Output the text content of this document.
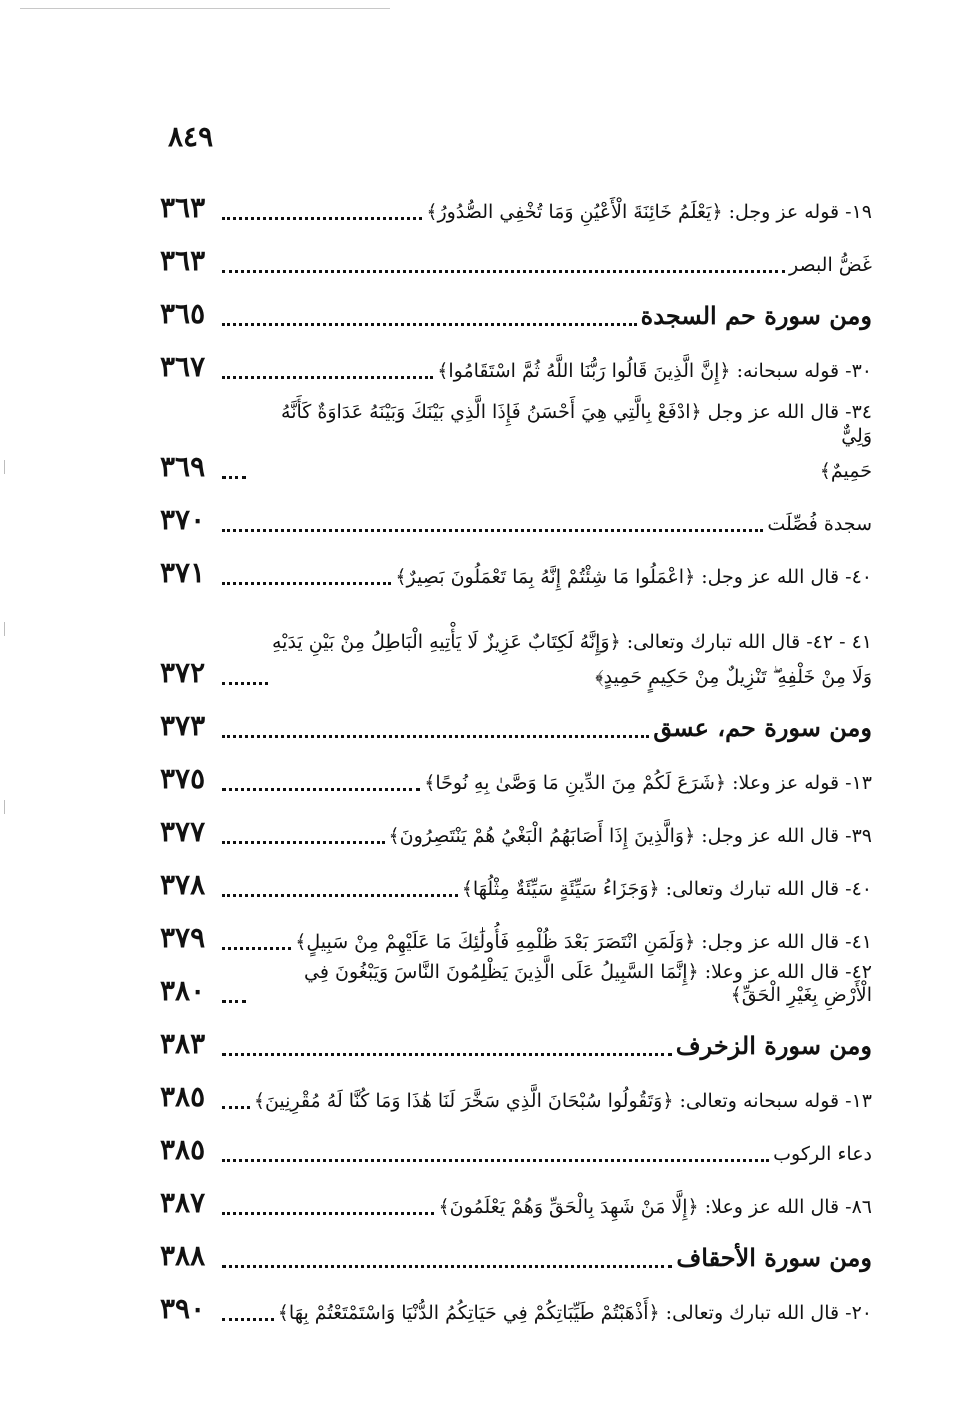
٨٤٩
١٩- قوله عز وجل: ﴿يَعْلَمُ خَائِنَةَ الْأَعْيُنِ وَمَا تُخْفِي الصُّدُورُ﴾
٣٦٣
غَضُّ البصر
٣٦٣
ومن سورة حم السجدة
٣٦٥
٣٠- قوله سبحانه: ﴿إِنَّ الَّذِينَ قَالُوا رَبُّنَا اللَّهُ ثُمَّ اسْتَقَامُوا﴾
٣٦٧
٣٤- قال الله عز وجل ﴿ادْفَعْ بِالَّتِي هِيَ أَحْسَنُ فَإِذَا الَّذِي بَيْنَكَ وَبَيْنَهُ عَدَاوَةٌ كَأَنَّهُ وَلِيٌّ
حَمِيمٌ﴾
٣٦٩
سجدة فُصِّلَت
٣٧٠
٤٠- قال الله عز وجل: ﴿اعْمَلُوا مَا شِئْتُمْ إِنَّهُ بِمَا تَعْمَلُونَ بَصِيرٌ﴾
٣٧١
٤١ - ٤٢- قال الله تبارك وتعالى: ﴿وَإِنَّهُ لَكِتَابٌ عَزِيزٌ لَا يَأْتِيهِ الْبَاطِلُ مِنْ بَيْنِ يَدَيْهِ
وَلَا مِنْ خَلْفِهِ ۖ تَنْزِيلٌ مِنْ حَكِيمٍ حَمِيدٍ﴾
٣٧٢
ومن سورة حم، عسق
٣٧٣
١٣- قوله عز وعلا: ﴿شَرَعَ لَكُمْ مِنَ الدِّينِ مَا وَصَّىٰ بِهِ نُوحًا﴾
٣٧٥
٣٩- قال الله عز وجل: ﴿وَالَّذِينَ إِذَا أَصَابَهُمُ الْبَغْيُ هُمْ يَنْتَصِرُونَ﴾
٣٧٧
٤٠- قال الله تبارك وتعالى: ﴿وَجَزَاءُ سَيِّئَةٍ سَيِّئَةٌ مِثْلُهَا﴾
٣٧٨
٤١- قال الله عز وجل: ﴿وَلَمَنِ انْتَصَرَ بَعْدَ ظُلْمِهِ فَأُولَٰئِكَ مَا عَلَيْهِمْ مِنْ سَبِيلٍ﴾
٣٧٩
٤٢- قال الله عز وعلا: ﴿إِنَّمَا السَّبِيلُ عَلَى الَّذِينَ يَظْلِمُونَ النَّاسَ وَيَبْغُونَ فِي الْأَرْضِ بِغَيْرِ الْحَقِّ﴾
٣٨٠
ومن سورة الزخرف
٣٨٣
١٣- قوله سبحانه وتعالى: ﴿وَتَقُولُوا سُبْحَانَ الَّذِي سَخَّرَ لَنَا هَٰذَا وَمَا كُنَّا لَهُ مُقْرِنِينَ﴾
٣٨٥
دعاء الركوب
٣٨٥
٨٦- قال الله عز وعلا: ﴿إِلَّا مَنْ شَهِدَ بِالْحَقِّ وَهُمْ يَعْلَمُونَ﴾
٣٨٧
ومن سورة الأحقاف
٣٨٨
٢٠- قال الله تبارك وتعالى: ﴿أَذْهَبْتُمْ طَيِّبَاتِكُمْ فِي حَيَاتِكُمُ الدُّنْيَا وَاسْتَمْتَعْتُمْ بِهَا﴾
٣٩٠
